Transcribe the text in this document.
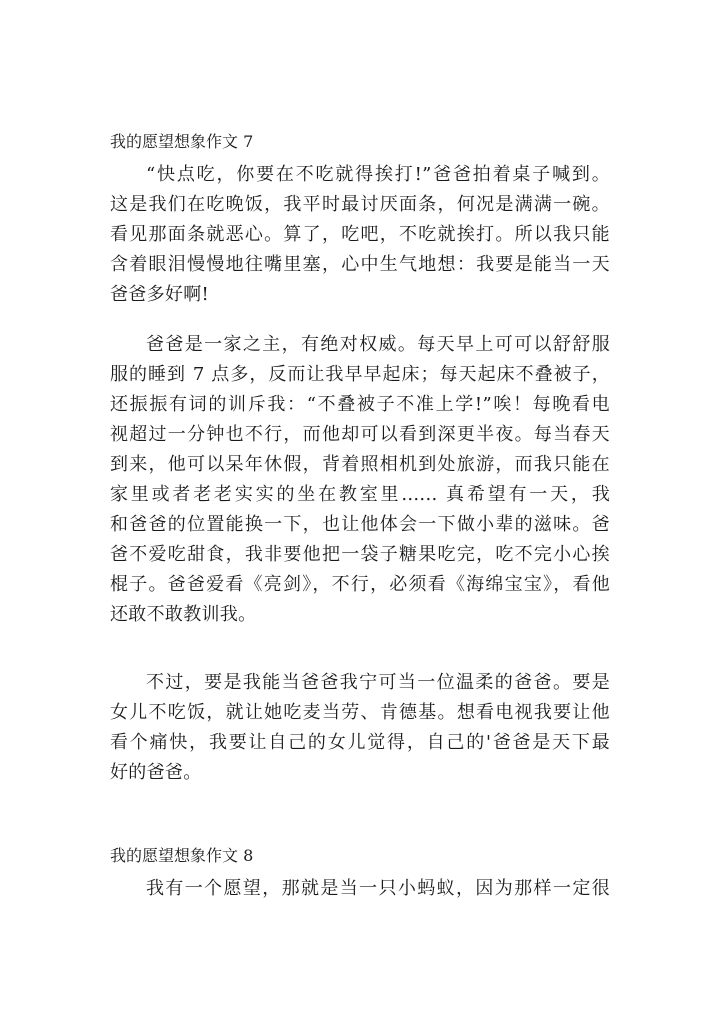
我的愿望想象作文 7
“快点吃，你要在不吃就得挨打!”爸爸拍着桌子喊到。
这是我们在吃晚饭，我平时最讨厌面条，何况是满满一碗。
看见那面条就恶心。算了，吃吧，不吃就挨打。所以我只能
含着眼泪慢慢地往嘴里塞，心中生气地想：我要是能当一天
爸爸多好啊!
爸爸是一家之主，有绝对权威。每天早上可可以舒舒服
服的睡到 7 点多，反而让我早早起床；每天起床不叠被子，
还振振有词的训斥我：“不叠被子不准上学!”唉！每晚看电
视超过一分钟也不行，而他却可以看到深更半夜。每当春天
到来，他可以呆年休假，背着照相机到处旅游，而我只能在
家里或者老老实实的坐在教室里...... 真希望有一天，我
和爸爸的位置能换一下，也让他体会一下做小辈的滋味。爸
爸不爱吃甜食，我非要他把一袋子糖果吃完，吃不完小心挨
棍子。爸爸爱看《亮剑》，不行，必须看《海绵宝宝》，看他
还敢不敢教训我。
不过，要是我能当爸爸我宁可当一位温柔的爸爸。要是
女儿不吃饭，就让她吃麦当劳、肯德基。想看电视我要让他
看个痛快，我要让自己的女儿觉得，自己的'爸爸是天下最
好的爸爸。
我的愿望想象作文 8
我有一个愿望，那就是当一只小蚂蚁，因为那样一定很
